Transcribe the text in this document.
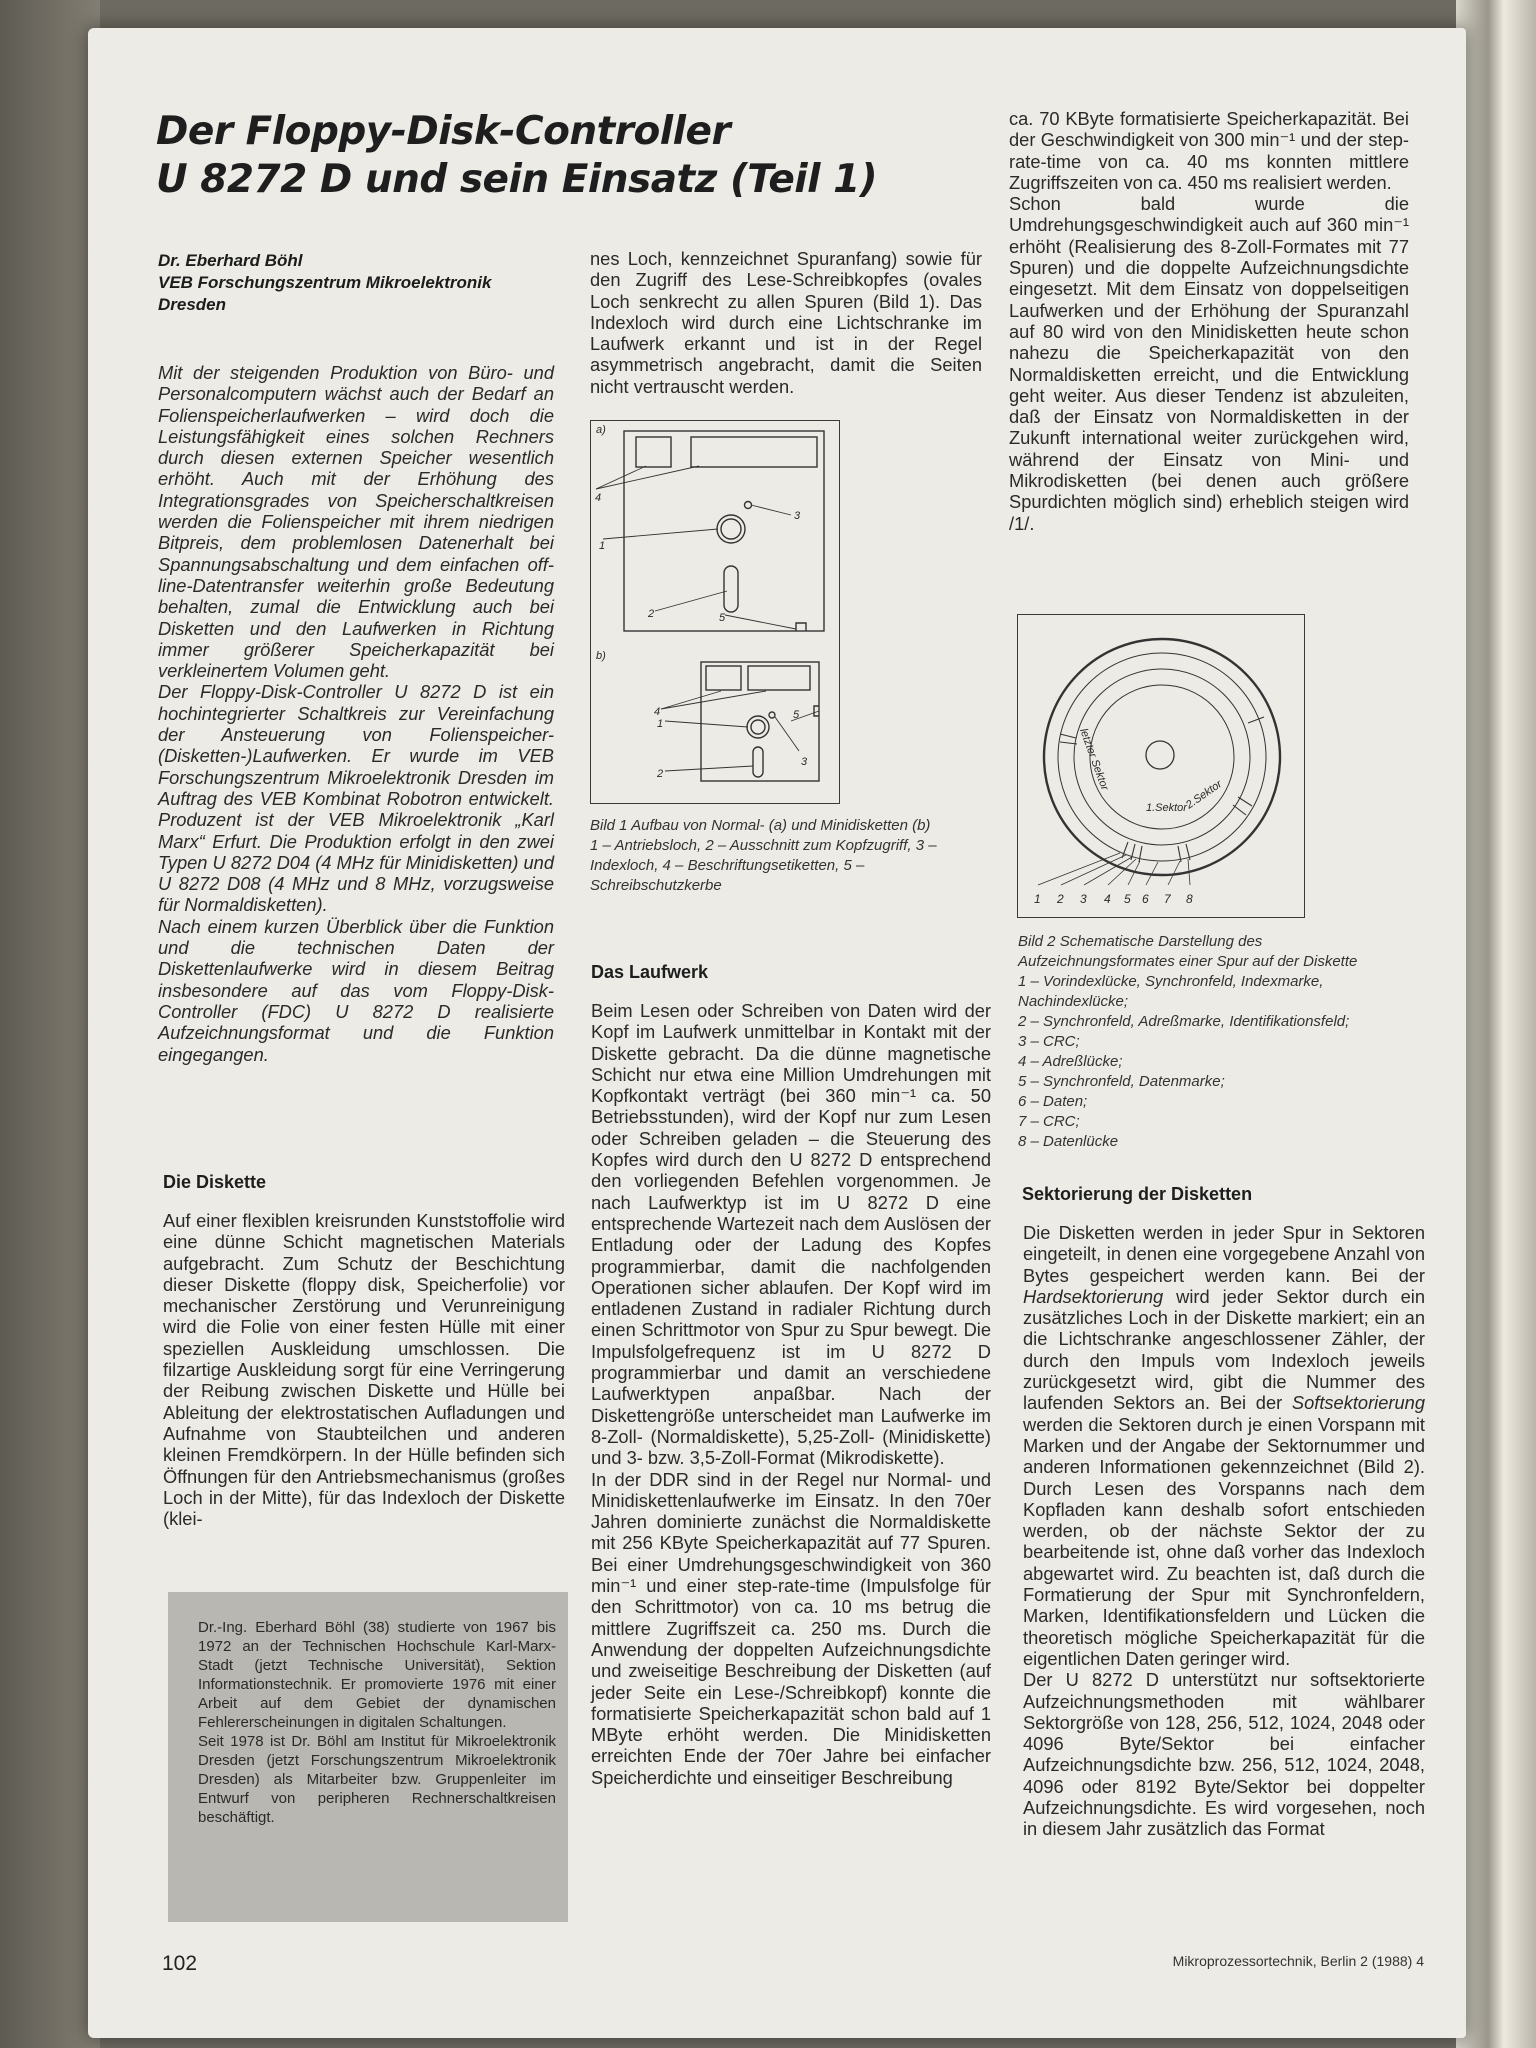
Der Floppy-Disk-Controller
U 8272 D und sein Einsatz (Teil 1)
Dr. Eberhard Böhl
VEB Forschungszentrum Mikroelektronik
Dresden

Mit der steigenden Produktion von Büro- und Personalcomputern wächst auch der Bedarf an Folienspeicherlaufwerken – wird doch die Leistungsfähigkeit eines solchen Rechners durch diesen externen Speicher wesentlich erhöht. Auch mit der Erhöhung des Integrationsgrades von Speicherschaltkreisen werden die Folienspeicher mit ihrem niedrigen Bitpreis, dem problemlosen Datenerhalt bei Spannungsabschaltung und dem einfachen off-line-Datentransfer weiterhin große Bedeutung behalten, zumal die Entwicklung auch bei Disketten und den Laufwerken in Richtung immer größerer Speicherkapazität bei verkleinertem Volumen geht.

Der Floppy-Disk-Controller U 8272 D ist ein hochintegrierter Schaltkreis zur Vereinfachung der Ansteuerung von Folienspeicher-(Disketten-)Laufwerken. Er wurde im VEB Forschungszentrum Mikroelektronik Dresden im Auftrag des VEB Kombinat Robotron entwickelt. Produzent ist der VEB Mikroelektronik „Karl Marx“ Erfurt. Die Produktion erfolgt in den zwei Typen U 8272 D04 (4 MHz für Minidisketten) und U 8272 D08 (4 MHz und 8 MHz, vorzugsweise für Normaldisketten).

Nach einem kurzen Überblick über die Funktion und die technischen Daten der Diskettenlaufwerke wird in diesem Beitrag insbesondere auf das vom Floppy-Disk-Controller (FDC) U 8272 D realisierte Aufzeichnungsformat und die Funktion eingegangen.

Die Diskette

Auf einer flexiblen kreisrunden Kunststoffolie wird eine dünne Schicht magnetischen Materials aufgebracht. Zum Schutz der Beschichtung dieser Diskette (floppy disk, Speicherfolie) vor mechanischer Zerstörung und Verunreinigung wird die Folie von einer festen Hülle mit einer speziellen Auskleidung umschlossen. Die filzartige Auskleidung sorgt für eine Verringerung der Reibung zwischen Diskette und Hülle bei Ableitung der elektrostatischen Aufladungen und Aufnahme von Staubteilchen und anderen kleinen Fremdkörpern. In der Hülle befinden sich Öffnungen für den Antriebsmechanismus (großes Loch in der Mitte), für das Indexloch der Diskette (klei-

Dr.-Ing. Eberhard Böhl (38) studierte von 1967 bis 1972 an der Technischen Hochschule Karl-Marx-Stadt (jetzt Technische Universität), Sektion Informationstechnik. Er promovierte 1976 mit einer Arbeit auf dem Gebiet der dynamischen Fehlererscheinungen in digitalen Schaltungen.

Seit 1978 ist Dr. Böhl am Institut für Mikroelektronik Dresden (jetzt Forschungszentrum Mikroelektronik Dresden) als Mitarbeiter bzw. Gruppenleiter im Entwurf von peripheren Rechnerschaltkreisen beschäftigt.

nes Loch, kennzeichnet Spuranfang) sowie für den Zugriff des Lese-Schreibkopfes (ovales Loch senkrecht zu allen Spuren (Bild 1). Das Indexloch wird durch eine Lichtschranke im Laufwerk erkannt und ist in der Regel asymmetrisch angebracht, damit die Seiten nicht vertrauscht werden.

a)
b)
4
1
3
2	5
4
1
5
3
2

Bild 1 Aufbau von Normal- (a) und Minidisketten (b)

1 – Antriebsloch, 2 – Ausschnitt zum Kopfzugriff, 3 – Indexloch, 4 – Beschriftungsetiketten, 5 – Schreibschutzkerbe

Das Laufwerk

Beim Lesen oder Schreiben von Daten wird der Kopf im Laufwerk unmittelbar in Kontakt mit der Diskette gebracht. Da die dünne magnetische Schicht nur etwa eine Million Umdrehungen mit Kopfkontakt verträgt (bei 360 min⁻¹ ca. 50 Betriebsstunden), wird der Kopf nur zum Lesen oder Schreiben geladen – die Steuerung des Kopfes wird durch den U 8272 D entsprechend den vorliegenden Befehlen vorgenommen. Je nach Laufwerktyp ist im U 8272 D eine entsprechende Wartezeit nach dem Auslösen der Entladung oder der Ladung des Kopfes programmierbar, damit die nachfolgenden Operationen sicher ablaufen. Der Kopf wird im entladenen Zustand in radialer Richtung durch einen Schrittmotor von Spur zu Spur bewegt. Die Impulsfolgefrequenz ist im U 8272 D programmierbar und damit an verschiedene Laufwerktypen anpaßbar. Nach der Diskettengröße unterscheidet man Laufwerke im 8-Zoll- (Normaldiskette), 5,25-Zoll- (Minidiskette) und 3- bzw. 3,5-Zoll-Format (Mikrodiskette).

In der DDR sind in der Regel nur Normal- und Minidiskettenlaufwerke im Einsatz. In den 70er Jahren dominierte zunächst die Normaldiskette mit 256 KByte Speicherkapazität auf 77 Spuren. Bei einer Umdrehungsgeschwindigkeit von 360 min⁻¹ und einer step-rate-time (Impulsfolge für den Schrittmotor) von ca. 10 ms betrug die mittlere Zugriffszeit ca. 250 ms. Durch die Anwendung der doppelten Aufzeichnungsdichte und zweiseitige Beschreibung der Disketten (auf jeder Seite ein Lese-/Schreibkopf) konnte die formatisierte Speicherkapazität schon bald auf 1 MByte erhöht werden. Die Minidisketten erreichten Ende der 70er Jahre bei einfacher Speicherdichte und einseitiger Beschreibung

ca. 70 KByte formatisierte Speicherkapazität. Bei der Geschwindigkeit von 300 min⁻¹ und der step-rate-time von ca. 40 ms konnten mittlere Zugriffszeiten von ca. 450 ms realisiert werden.

Schon bald wurde die Umdrehungsgeschwindigkeit auch auf 360 min⁻¹ erhöht (Realisierung des 8-Zoll-Formates mit 77 Spuren) und die doppelte Aufzeichnungsdichte eingesetzt. Mit dem Einsatz von doppelseitigen Laufwerken und der Erhöhung der Spuranzahl auf 80 wird von den Minidisketten heute schon nahezu die Speicherkapazität von den Normaldisketten erreicht, und die Entwicklung geht weiter. Aus dieser Tendenz ist abzuleiten, daß der Einsatz von Normaldisketten in der Zukunft international weiter zurückgehen wird, während der Einsatz von Mini- und Mikrodisketten (bei denen auch größere Spurdichten möglich sind) erheblich steigen wird /1/.

letzter Sektor
1.Sektor
2.Sektor
1 2 3 4 5 6 7 8

Bild 2 Schematische Darstellung des Aufzeichnungsformates einer Spur auf der Diskette

1 – Vorindexlücke, Synchronfeld, Indexmarke, Nachindexlücke;

2 – Synchronfeld, Adreßmarke, Identifikationsfeld;

3 – CRC;

4 – Adreßlücke;

5 – Synchronfeld, Datenmarke;

6 – Daten;

7 – CRC;

8 – Datenlücke

Sektorierung der Disketten

Die Disketten werden in jeder Spur in Sektoren eingeteilt, in denen eine vorgegebene Anzahl von Bytes gespeichert werden kann. Bei der Hardsektorierung wird jeder Sektor durch ein zusätzliches Loch in der Diskette markiert; ein an die Lichtschranke angeschlossener Zähler, der durch den Impuls vom Indexloch jeweils zurückgesetzt wird, gibt die Nummer des laufenden Sektors an. Bei der Softsektorierung werden die Sektoren durch je einen Vorspann mit Marken und der Angabe der Sektornummer und anderen Informationen gekennzeichnet (Bild 2). Durch Lesen des Vorspanns nach dem Kopfladen kann deshalb sofort entschieden werden, ob der nächste Sektor der zu bearbeitende ist, ohne daß vorher das Indexloch abgewartet wird. Zu beachten ist, daß durch die Formatierung der Spur mit Synchronfeldern, Marken, Identifikationsfeldern und Lücken die theoretisch mögliche Speicherkapazität für die eigentlichen Daten geringer wird.

Der U 8272 D unterstützt nur softsektorierte Aufzeichnungsmethoden mit wählbarer Sektorgröße von 128, 256, 512, 1024, 2048 oder 4096 Byte/Sektor bei einfacher Aufzeichnungsdichte bzw. 256, 512, 1024, 2048, 4096 oder 8192 Byte/Sektor bei doppelter Aufzeichnungsdichte. Es wird vorgesehen, noch in diesem Jahr zusätzlich das Format

102	Mikroprozessortechnik, Berlin 2 (1988) 4
